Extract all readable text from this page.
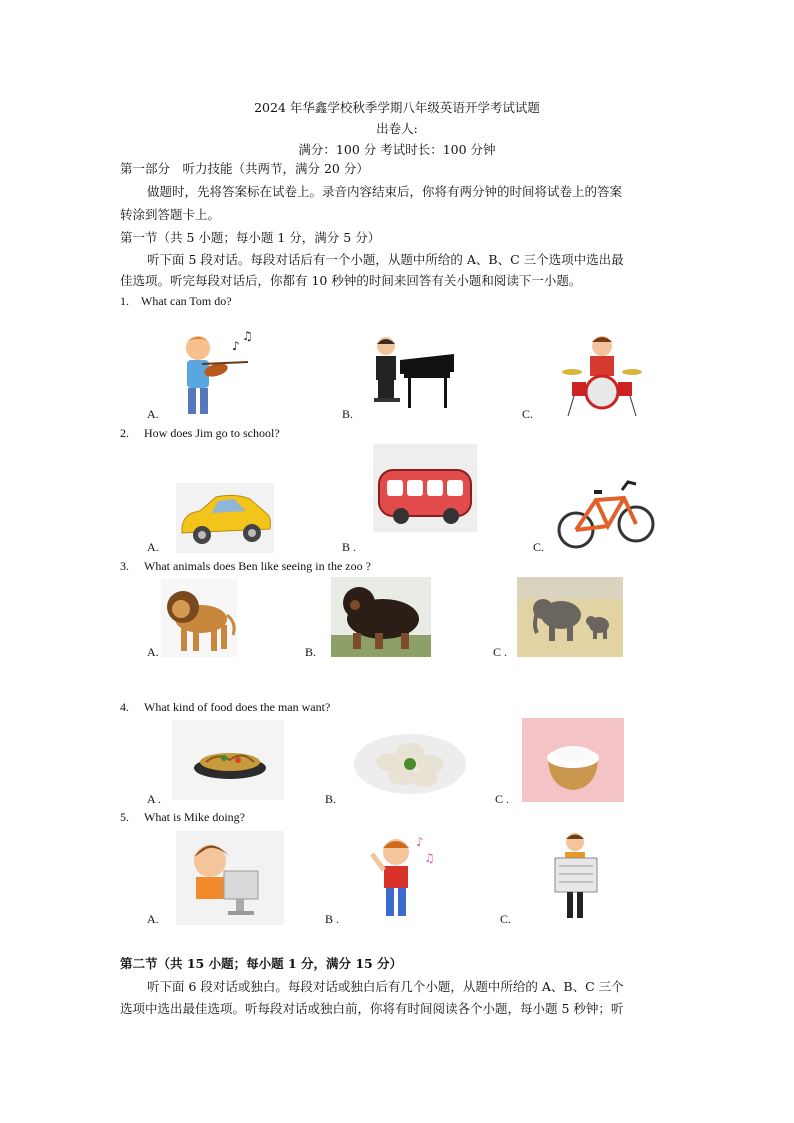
2024 年华鑫学校秋季学期八年级英语开学考试试题
出卷人:
满分：100 分 考试时长：100 分钟
第一部分　听力技能（共两节，满分 20 分）
做题时，先将答案标在试卷上。录音内容结束后，你将有两分钟的时间将试卷上的答案
转涂到答题卡上。
第一节（共 5 小题；每小题 1 分，满分 5 分）
听下面 5 段对话。每段对话后有一个小题，从题中所给的 A、B、C 三个选项中选出最
佳选项。听完每段对话后，你都有 10 秒钟的时间来回答有关小题和阅读下一小题。
1. What can Tom do?
♪
♫
A.	B.	C.
2. How does Jim go to school?
A.	B .	C.
3. What animals does Ben like seeing in the zoo ?
A.	B.	C .
4. What kind of food does the man want?
A .	B.	C .
5. What is Mike doing?
A.
♪
♫
B .	C.
第二节（共 15 小题；每小题 1 分，满分 15 分）
听下面 6 段对话或独白。每段对话或独白后有几个小题，从题中所给的 A、B、C 三个
选项中选出最佳选项。听每段对话或独白前，你将有时间阅读各个小题，每小题 5 秒钟；听
